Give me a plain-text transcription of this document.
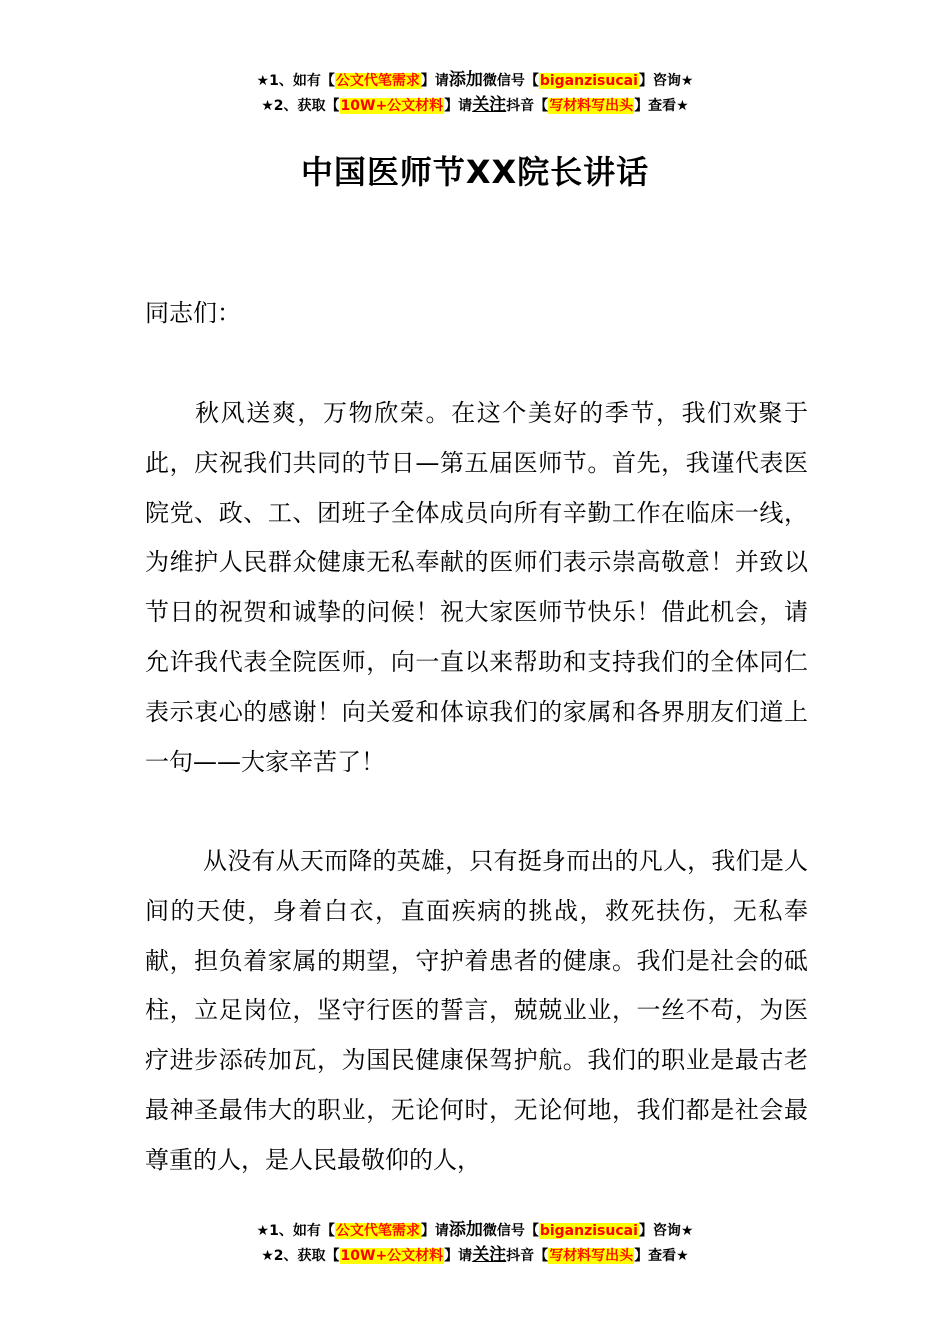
★1、如有【公文代笔需求】请添加微信号【biganzisucai】咨询★
★2、获取【10W+公文材料】请关注抖音【写材料写出头】查看★
中国医师节XX院长讲话
同志们：

秋风送爽，万物欣荣。在这个美好的季节，我们欢聚于此，庆祝我们共同的节日—第五届医师节。首先，我谨代表医院党、政、工、团班子全体成员向所有辛勤工作在临床一线，为维护人民群众健康无私奉献的医师们表示崇高敬意！并致以节日的祝贺和诚挚的问候！祝大家医师节快乐！借此机会，请允许我代表全院医师，向一直以来帮助和支持我们的全体同仁表示衷心的感谢！向关爱和体谅我们的家属和各界朋友们道上一句——大家辛苦了！

从没有从天而降的英雄，只有挺身而出的凡人，我们是人间的天使，身着白衣，直面疾病的挑战，救死扶伤，无私奉献，担负着家属的期望，守护着患者的健康。我们是社会的砥柱，立足岗位，坚守行医的誓言，兢兢业业，一丝不苟，为医疗进步添砖加瓦，为国民健康保驾护航。我们的职业是最古老最神圣最伟大的职业，无论何时，无论何地，我们都是社会最尊重的人，是人民最敬仰的人，

★1、如有【公文代笔需求】请添加微信号【biganzisucai】咨询★
★2、获取【10W+公文材料】请关注抖音【写材料写出头】查看★
